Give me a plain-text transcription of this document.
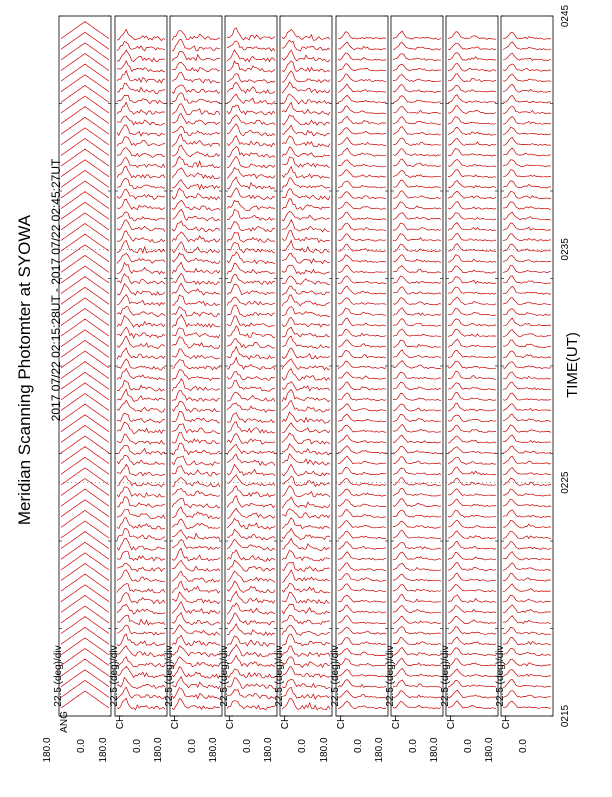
Meridian Scanning Photomter at SYOWA 2017 07/22 02:15:28UT - 2017 07/22 02:45:27UT	TIME(UT)
180.0 0.0
ANG
22.5 (deg)/div
180.0 0.0
CH
22.5 (deg)/div
180.0 0.0
CH
22.5 (deg)/div
180.0 0.0
CH
22.5 (deg)/div
180.0 0.0
CH
22.5 (deg)/div
180.0 0.0
CH
22.5 (deg)/div
180.0 0.0
CH
22.5 (deg)/div
180.0 0.0
CH
22.5 (deg)/div
180.0 0.0
CH
22.5 (deg)/div
0215
0225
0235
0245
